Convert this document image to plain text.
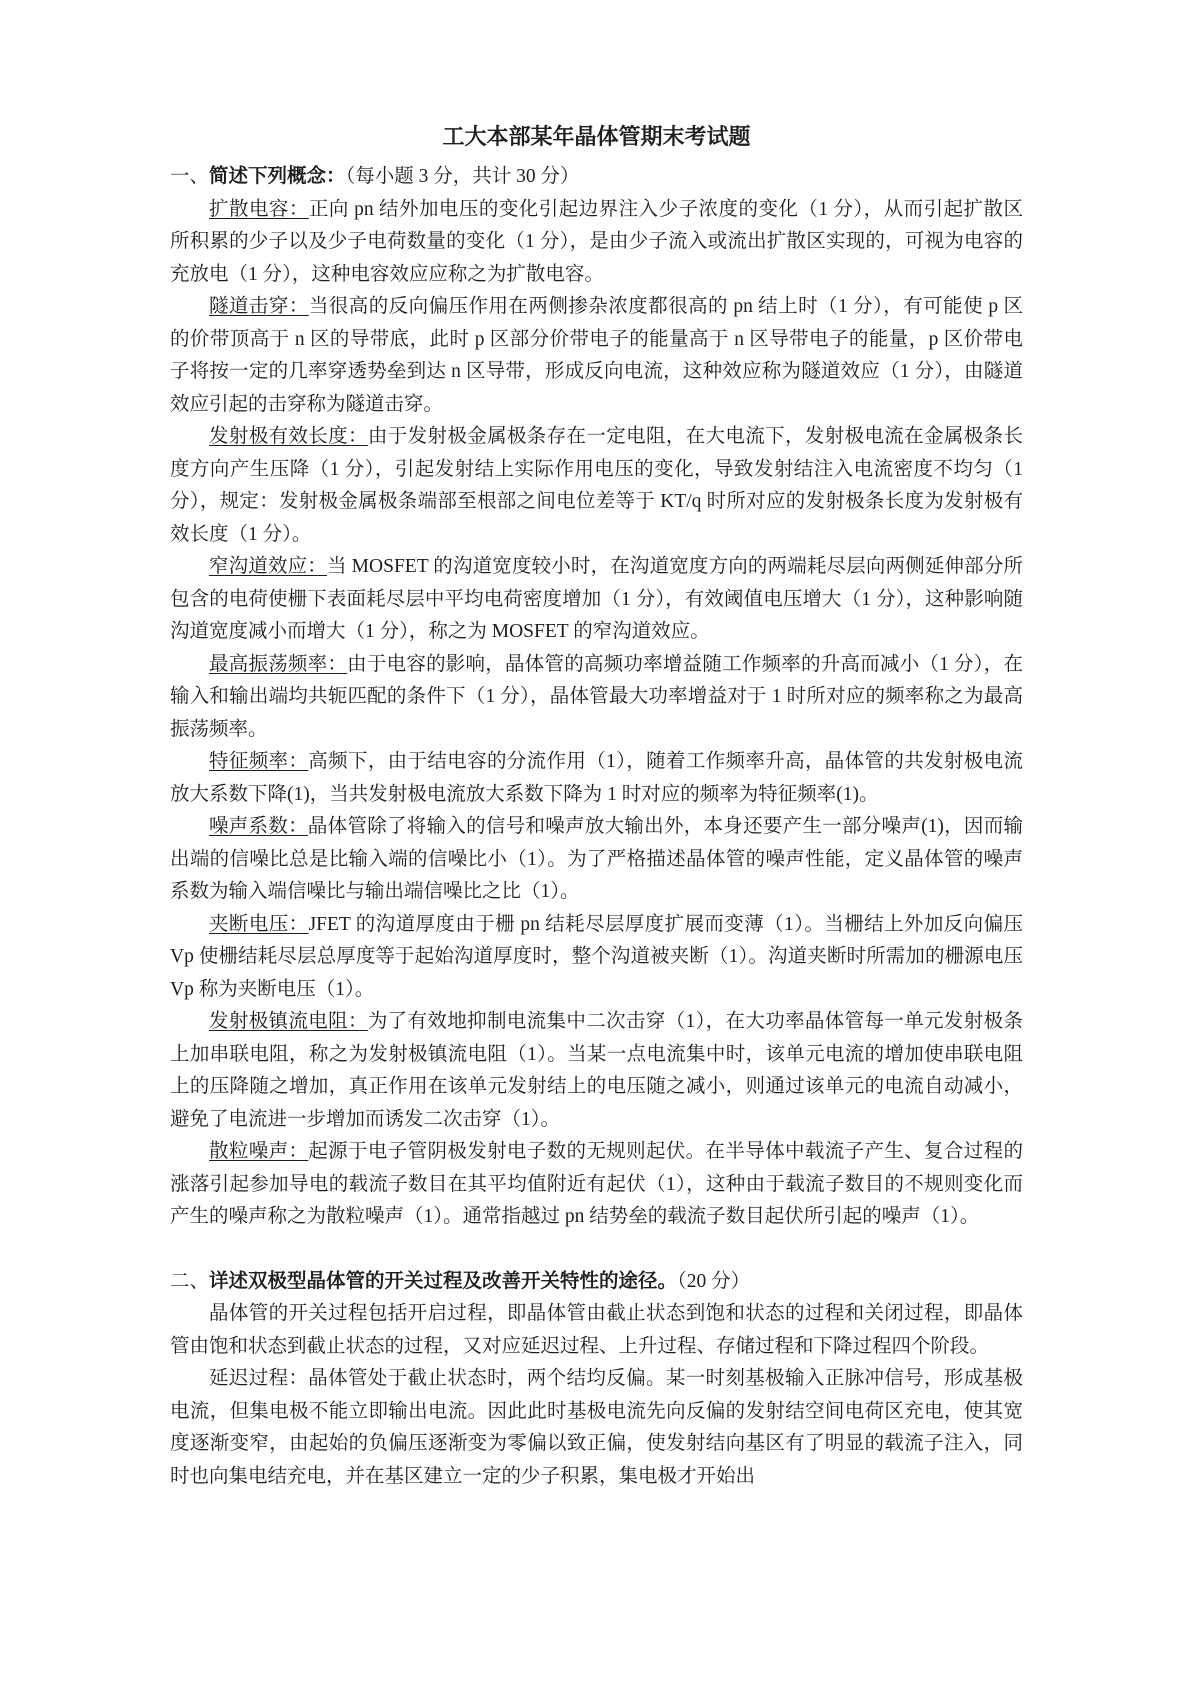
工大本部某年晶体管期末考试题
一、简述下列概念：（每小题 3 分，共计 30 分）

扩散电容：正向 pn 结外加电压的变化引起边界注入少子浓度的变化（1 分），从而引起扩散区所积累的少子以及少子电荷数量的变化（1 分），是由少子流入或流出扩散区实现的，可视为电容的充放电（1 分），这种电容效应应称之为扩散电容。

隧道击穿：当很高的反向偏压作用在两侧掺杂浓度都很高的 pn 结上时（1 分），有可能使 p 区的价带顶高于 n 区的导带底，此时 p 区部分价带电子的能量高于 n 区导带电子的能量，p 区价带电子将按一定的几率穿透势垒到达 n 区导带，形成反向电流，这种效应称为隧道效应（1 分），由隧道效应引起的击穿称为隧道击穿。

发射极有效长度：由于发射极金属极条存在一定电阻，在大电流下，发射极电流在金属极条长度方向产生压降（1 分），引起发射结上实际作用电压的变化，导致发射结注入电流密度不均匀（1 分），规定：发射极金属极条端部至根部之间电位差等于 KT/q 时所对应的发射极条长度为发射极有效长度（1 分）。

窄沟道效应：当 MOSFET 的沟道宽度较小时，在沟道宽度方向的两端耗尽层向两侧延伸部分所包含的电荷使栅下表面耗尽层中平均电荷密度增加（1 分），有效阈值电压增大（1 分），这种影响随沟道宽度减小而增大（1 分），称之为 MOSFET 的窄沟道效应。

最高振荡频率：由于电容的影响，晶体管的高频功率增益随工作频率的升高而减小（1 分），在输入和输出端均共轭匹配的条件下（1 分），晶体管最大功率增益对于 1 时所对应的频率称之为最高振荡频率。

特征频率：高频下，由于结电容的分流作用（1），随着工作频率升高，晶体管的共发射极电流放大系数下降(1)，当共发射极电流放大系数下降为 1 时对应的频率为特征频率(1)。

噪声系数：晶体管除了将输入的信号和噪声放大输出外，本身还要产生一部分噪声(1)，因而输出端的信噪比总是比输入端的信噪比小（1）。为了严格描述晶体管的噪声性能，定义晶体管的噪声系数为输入端信噪比与输出端信噪比之比（1）。

夹断电压：JFET 的沟道厚度由于栅 pn 结耗尽层厚度扩展而变薄（1）。当栅结上外加反向偏压 Vp 使栅结耗尽层总厚度等于起始沟道厚度时，整个沟道被夹断（1）。沟道夹断时所需加的栅源电压 Vp 称为夹断电压（1）。

发射极镇流电阻：为了有效地抑制电流集中二次击穿（1），在大功率晶体管每一单元发射极条上加串联电阻，称之为发射极镇流电阻（1）。当某一点电流集中时，该单元电流的增加使串联电阻上的压降随之增加，真正作用在该单元发射结上的电压随之减小，则通过该单元的电流自动减小，避免了电流进一步增加而诱发二次击穿（1）。

散粒噪声：起源于电子管阴极发射电子数的无规则起伏。在半导体中载流子产生、复合过程的涨落引起参加导电的载流子数目在其平均值附近有起伏（1），这种由于载流子数目的不规则变化而产生的噪声称之为散粒噪声（1）。通常指越过 pn 结势垒的载流子数目起伏所引起的噪声（1）。

二、详述双极型晶体管的开关过程及改善开关特性的途径。（20 分）

晶体管的开关过程包括开启过程，即晶体管由截止状态到饱和状态的过程和关闭过程，即晶体管由饱和状态到截止状态的过程，又对应延迟过程、上升过程、存储过程和下降过程四个阶段。

延迟过程：晶体管处于截止状态时，两个结均反偏。某一时刻基极输入正脉冲信号，形成基极电流，但集电极不能立即输出电流。因此此时基极电流先向反偏的发射结空间电荷区充电，使其宽度逐渐变窄，由起始的负偏压逐渐变为零偏以致正偏，使发射结向基区有了明显的载流子注入，同时也向集电结充电，并在基区建立一定的少子积累，集电极才开始出
